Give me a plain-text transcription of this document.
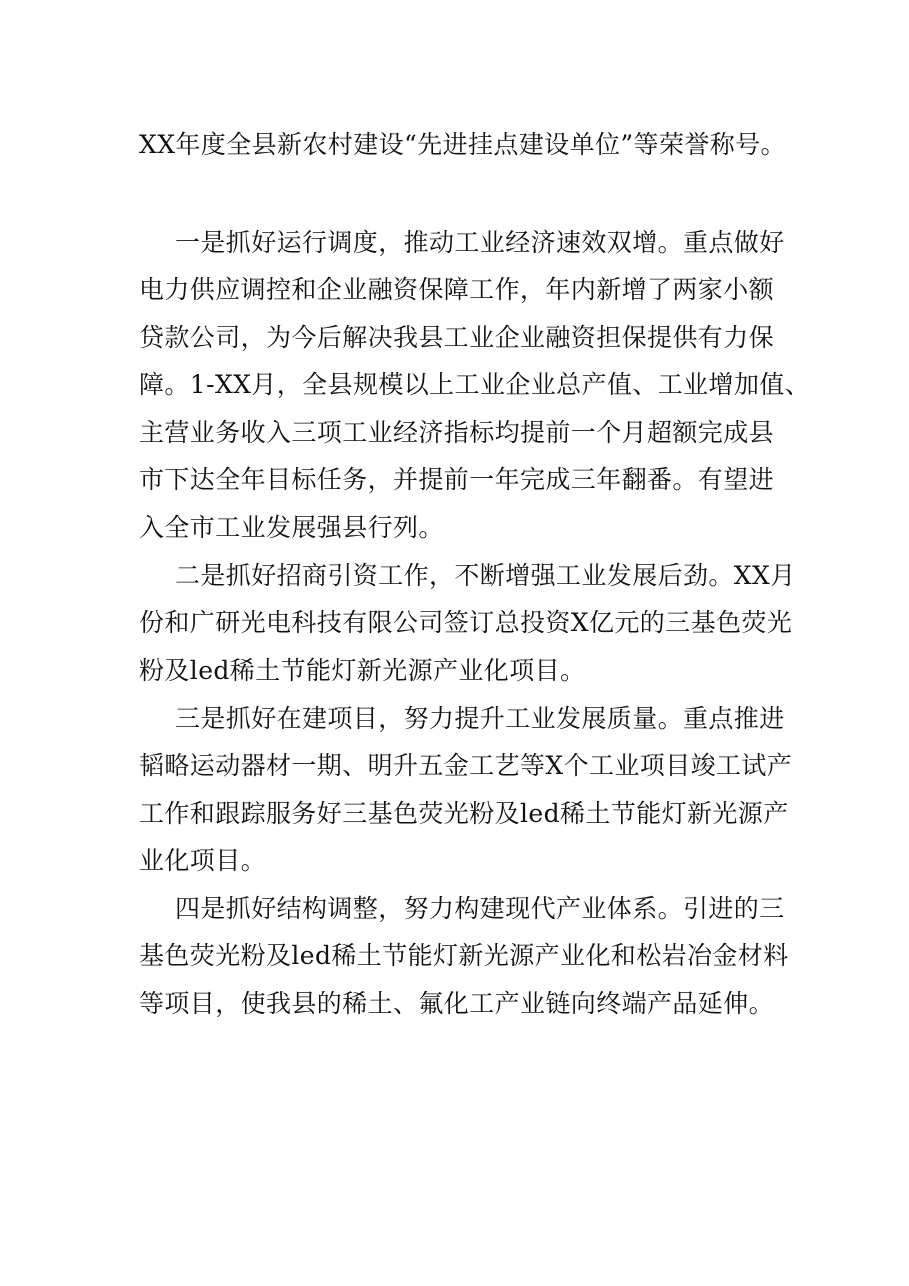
XX年度全县新农村建设“先进挂点建设单位”等荣誉称号。
一是抓好运行调度，推动工业经济速效双增。重点做好
电力供应调控和企业融资保障工作，年内新增了两家小额
贷款公司，为今后解决我县工业企业融资担保提供有力保
障。1-XX月，全县规模以上工业企业总产值、工业增加值、
主营业务收入三项工业经济指标均提前一个月超额完成县
市下达全年目标任务，并提前一年完成三年翻番。有望进
入全市工业发展强县行列。
二是抓好招商引资工作，不断增强工业发展后劲。XX月
份和广研光电科技有限公司签订总投资X亿元的三基色荧光
粉及led稀土节能灯新光源产业化项目。
三是抓好在建项目，努力提升工业发展质量。重点推进
韬略运动器材一期、明升五金工艺等X个工业项目竣工试产
工作和跟踪服务好三基色荧光粉及led稀土节能灯新光源产
业化项目。
四是抓好结构调整，努力构建现代产业体系。引进的三
基色荧光粉及led稀土节能灯新光源产业化和松岩冶金材料
等项目，使我县的稀土、氟化工产业链向终端产品延伸。
